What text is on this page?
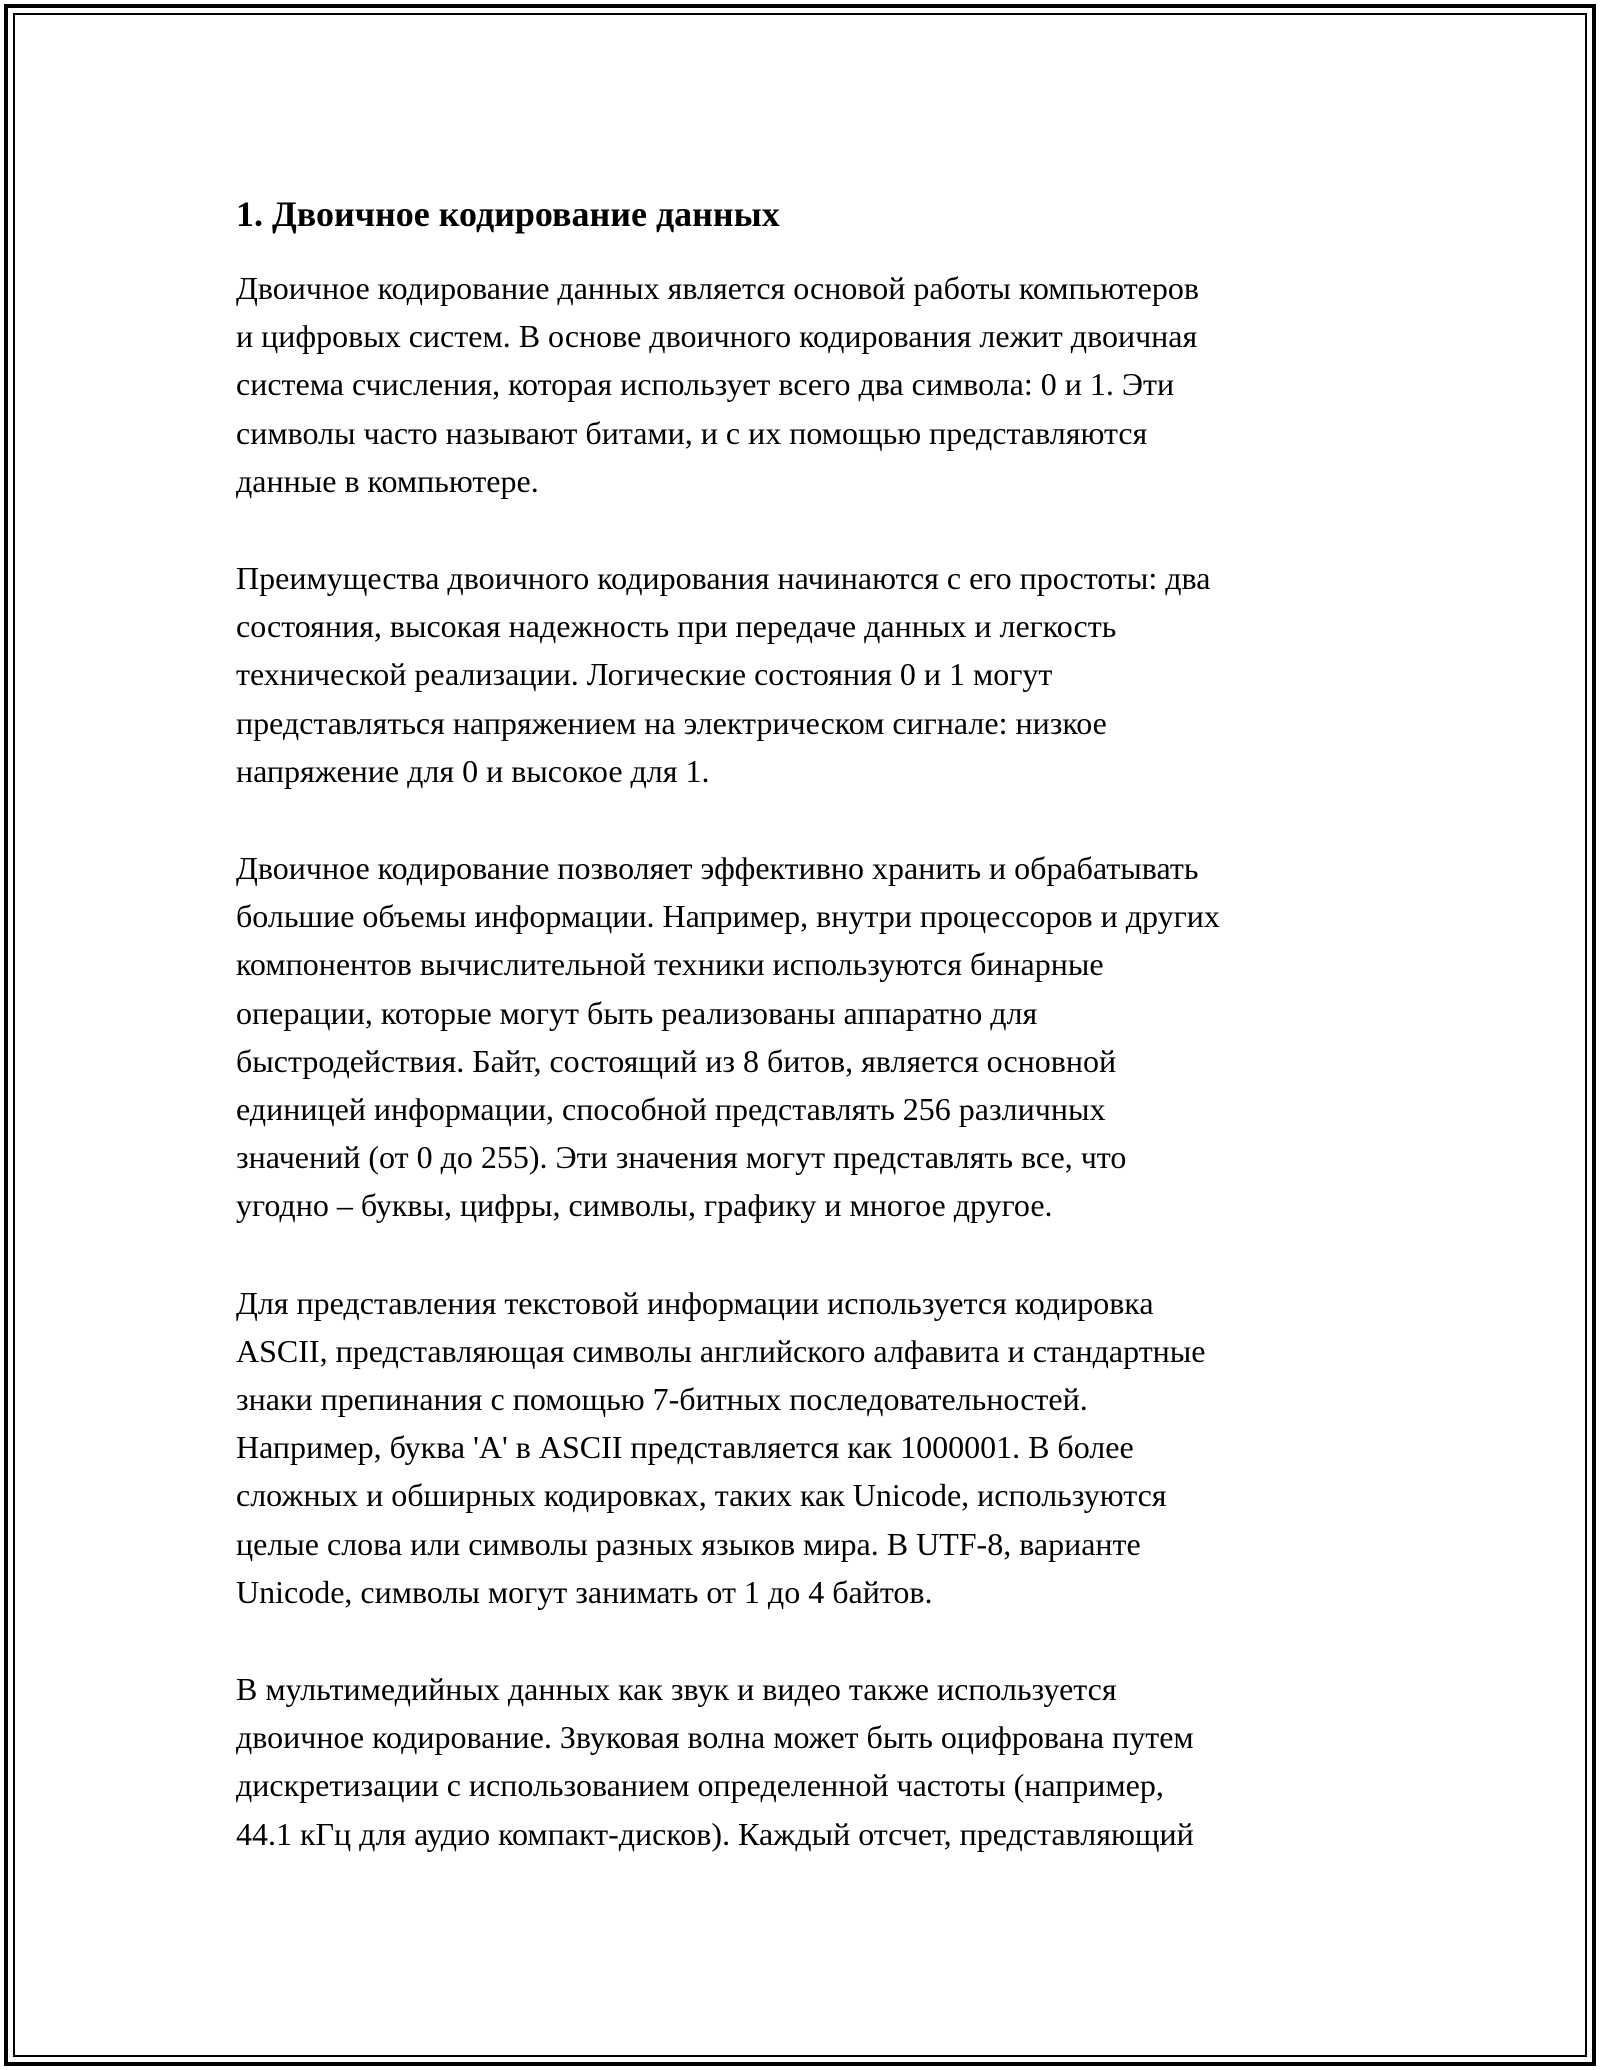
1. Двоичное кодирование данных

Двоичное кодирование данных является основой работы компьютеров
и цифровых систем. В основе двоичного кодирования лежит двоичная
система счисления, которая использует всего два символа: 0 и 1. Эти
символы часто называют битами, и с их помощью представляются
данные в компьютере.

Преимущества двоичного кодирования начинаются с его простоты: два
состояния, высокая надежность при передаче данных и легкость
технической реализации. Логические состояния 0 и 1 могут
представляться напряжением на электрическом сигнале: низкое
напряжение для 0 и высокое для 1.

Двоичное кодирование позволяет эффективно хранить и обрабатывать
большие объемы информации. Например, внутри процессоров и других
компонентов вычислительной техники используются бинарные
операции, которые могут быть реализованы аппаратно для
быстродействия. Байт, состоящий из 8 битов, является основной
единицей информации, способной представлять 256 различных
значений (от 0 до 255). Эти значения могут представлять все, что
угодно – буквы, цифры, символы, графику и многое другое.

Для представления текстовой информации используется кодировка
ASCII, представляющая символы английского алфавита и стандартные
знаки препинания с помощью 7-битных последовательностей.
Например, буква 'A' в ASCII представляется как 1000001. В более
сложных и обширных кодировках, таких как Unicode, используются
целые слова или символы разных языков мира. В UTF-8, варианте
Unicode, символы могут занимать от 1 до 4 байтов.

В мультимедийных данных как звук и видео также используется
двоичное кодирование. Звуковая волна может быть оцифрована путем
дискретизации с использованием определенной частоты (например,
44.1 кГц для аудио компакт-дисков). Каждый отсчет, представляющий
